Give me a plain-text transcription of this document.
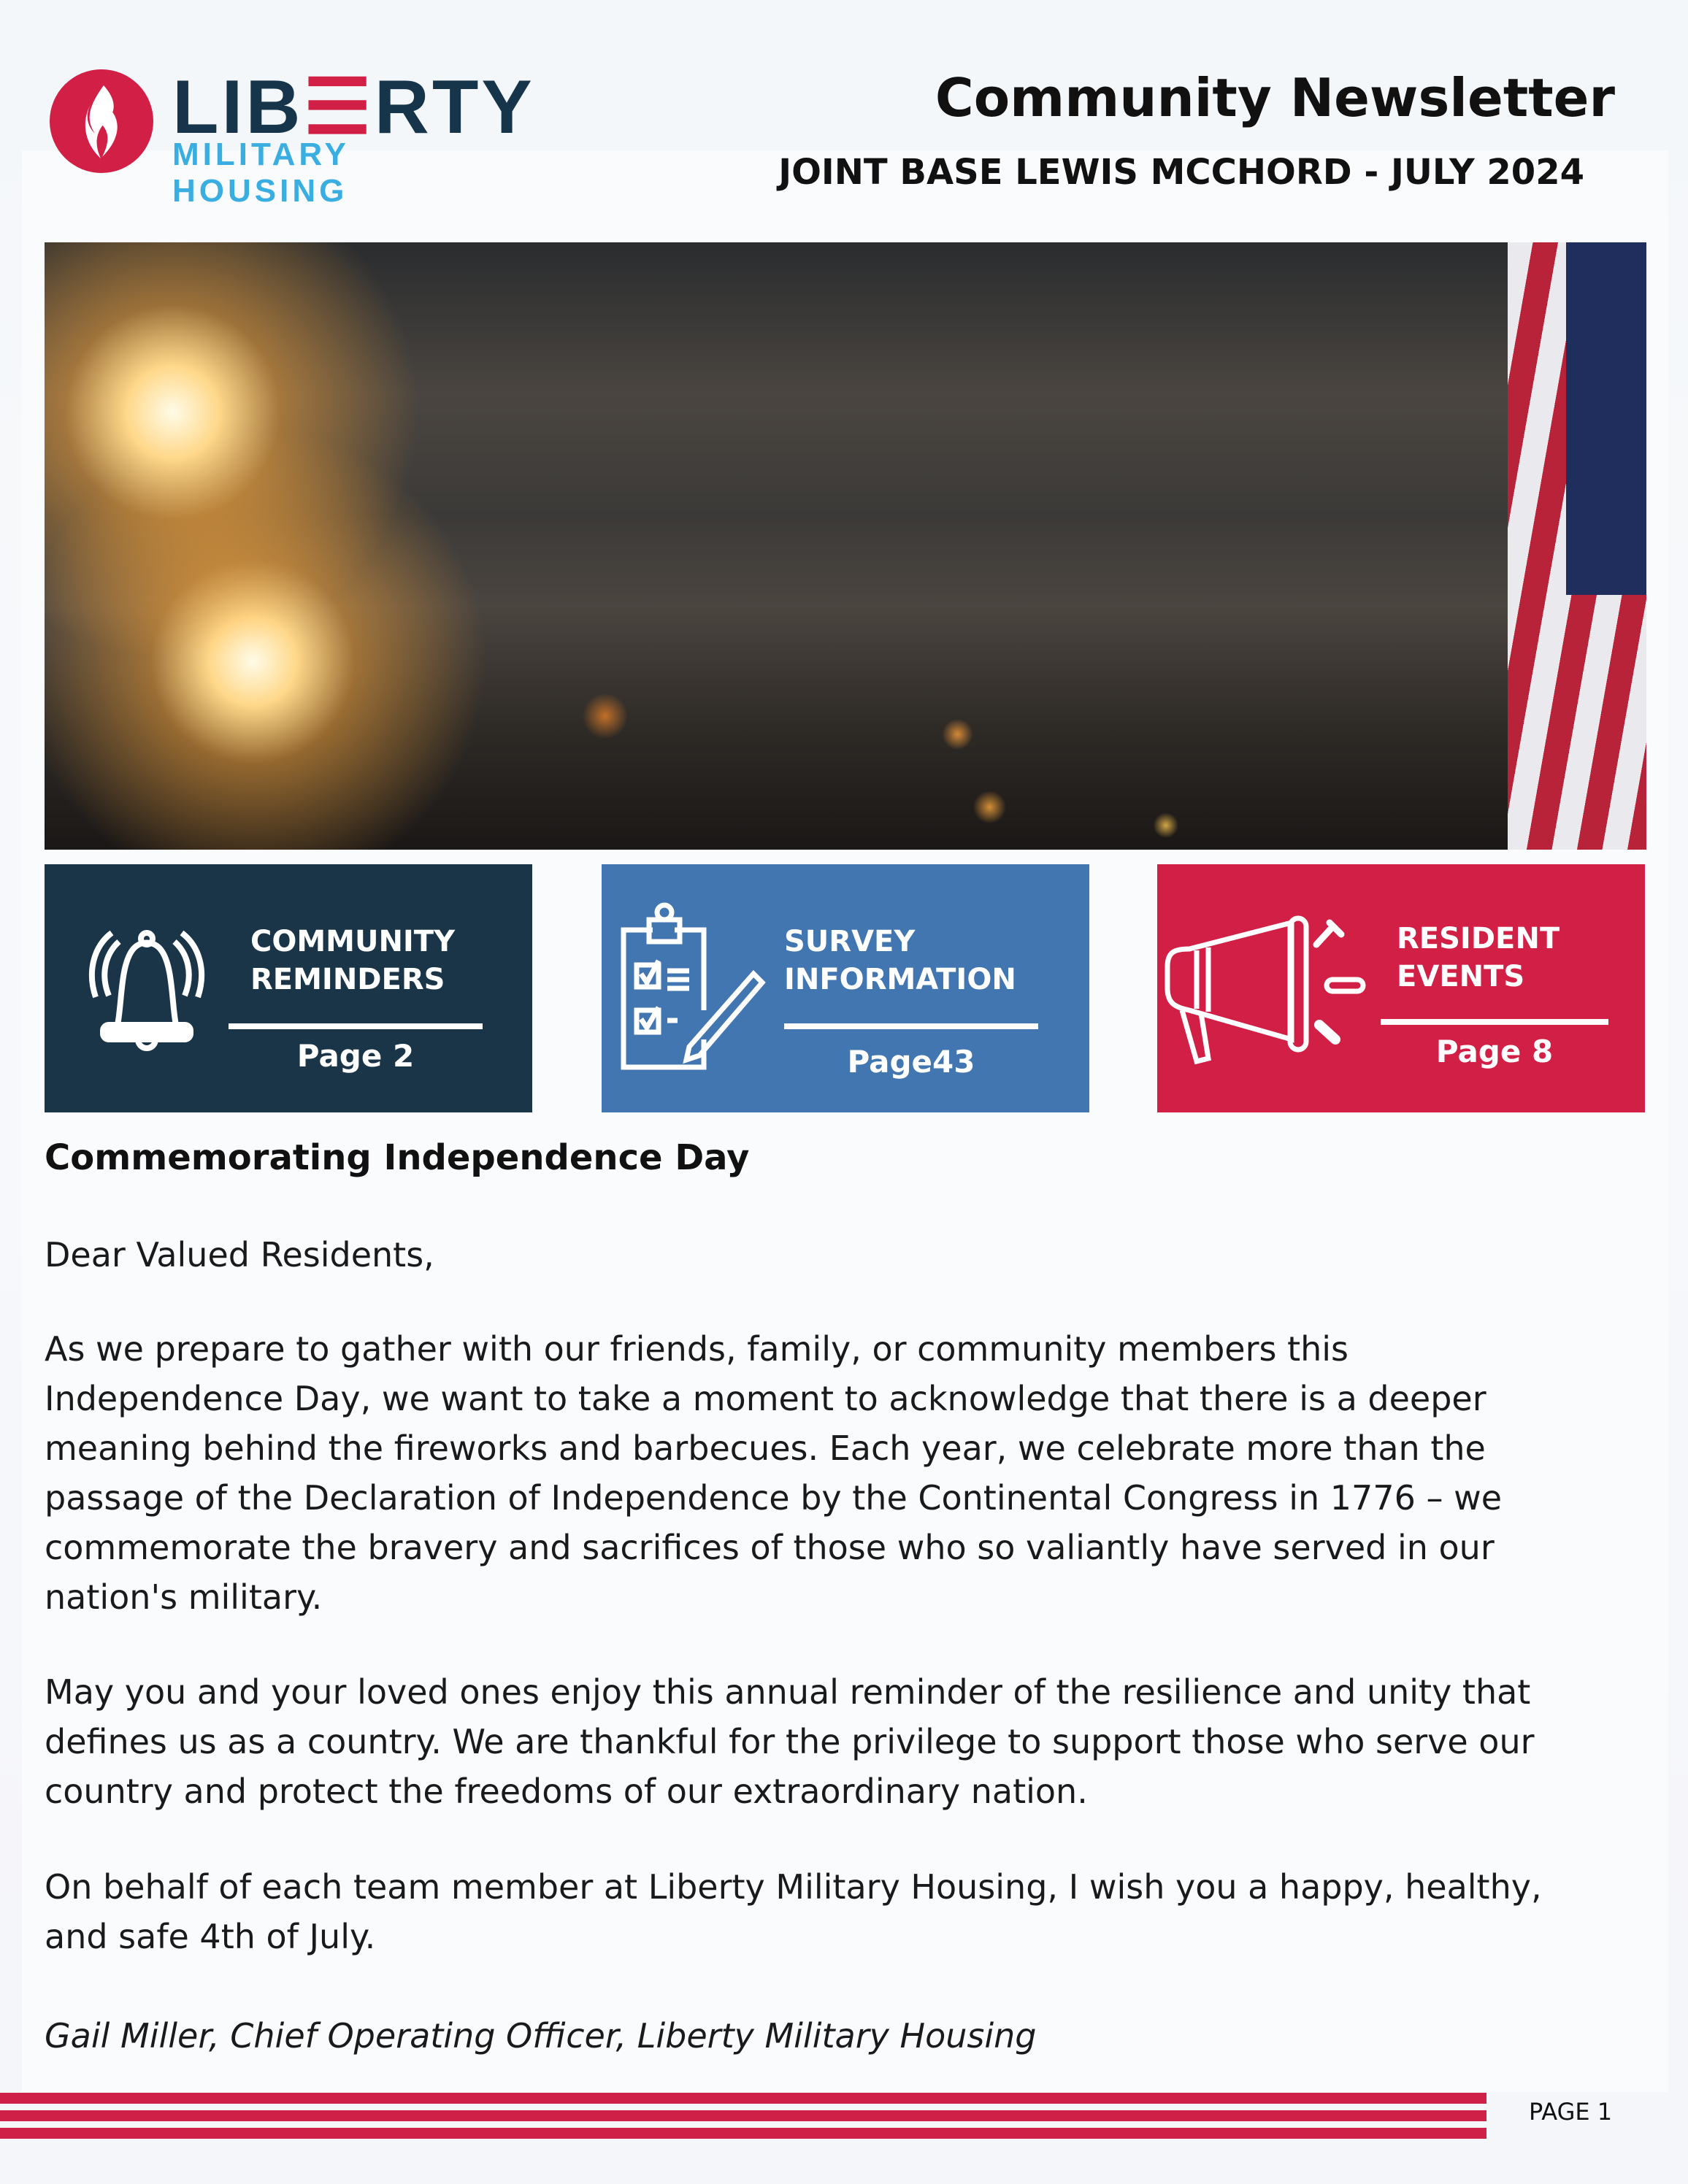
LIB☰RTY
MILITARY HOUSING
Community Newsletter
JOINT BASE LEWIS MCCHORD - JULY 2024
COMMUNITY
REMINDERS
Page 2
SURVEY
INFORMATION
Page43
RESIDENT
EVENTS
Page 8
Commemorating Independence Day
Dear Valued Residents,
As we prepare to gather with our friends, family, or community members this
Independence Day, we want to take a moment to acknowledge that there is a deeper
meaning behind the fireworks and barbecues. Each year, we celebrate more than the
passage of the Declaration of Independence by the Continental Congress in 1776 – we
commemorate the bravery and sacrifices of those who so valiantly have served in our
nation's military.
May you and your loved ones enjoy this annual reminder of the resilience and unity that
defines us as a country. We are thankful for the privilege to support those who serve our
country and protect the freedoms of our extraordinary nation.
On behalf of each team member at Liberty Military Housing, I wish you a happy, healthy,
and safe 4th of July.
Gail Miller, Chief Operating Officer, Liberty Military Housing
PAGE 1
